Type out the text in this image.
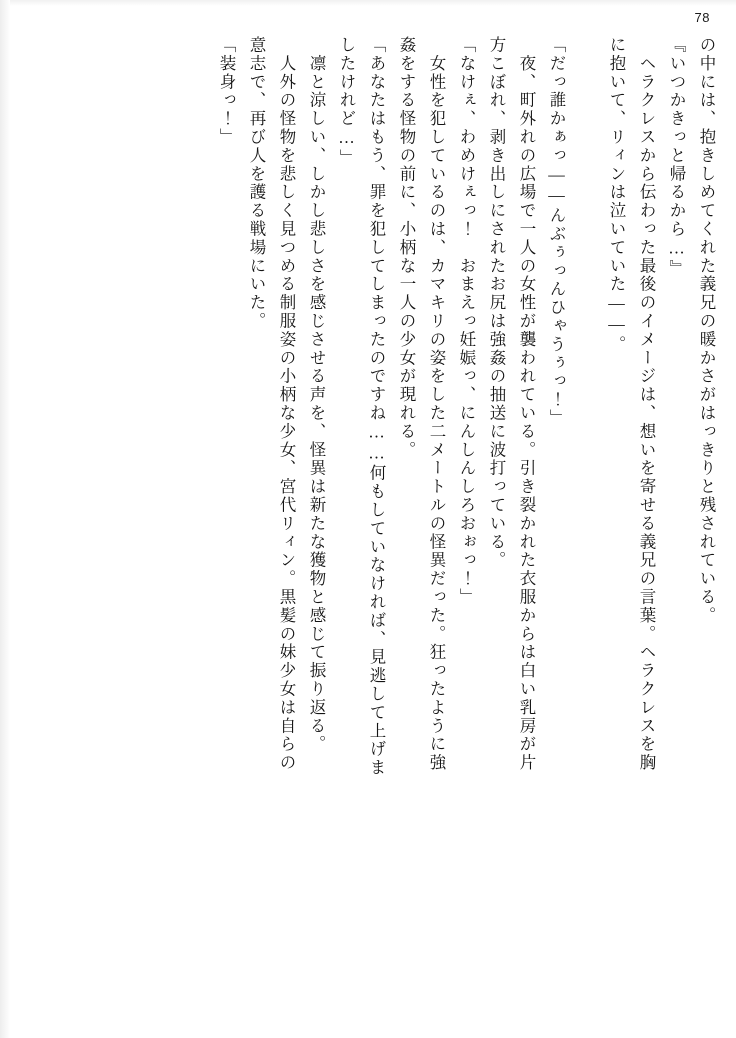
78
の中には、抱きしめてくれた義兄の暖かさがはっきりと残されている。
『いつかきっと帰るから…』
　ヘラクレスから伝わった最後のイメージは、想いを寄せる義兄の言葉。ヘラクレスを胸
に抱いて、リィンは泣いていた――。
「だっ誰かぁっ――んぶぅっんひゃうぅっ！」
　夜、町外れの広場で一人の女性が襲われている。引き裂かれた衣服からは白い乳房が片
方こぼれ、剥き出しにされたお尻は強姦の抽送に波打っている。
「なけぇ、わめけぇっ！　おまえっ妊娠っ、にんしんしろおぉっ！」
　女性を犯しているのは、カマキリの姿をした二メートルの怪異だった。狂ったように強
姦をする怪物の前に、小柄な一人の少女が現れる。
「あなたはもう、罪を犯してしまったのですね……何もしていなければ、見逃して上げま
したけれど…」
　凛と涼しい、しかし悲しさを感じさせる声を、怪異は新たな獲物と感じて振り返る。
　人外の怪物を悲しく見つめる制服姿の小柄な少女、宮代リィン。黒髪の妹少女は自らの
意志で、再び人を護る戦場にいた。
「装身っ！」
